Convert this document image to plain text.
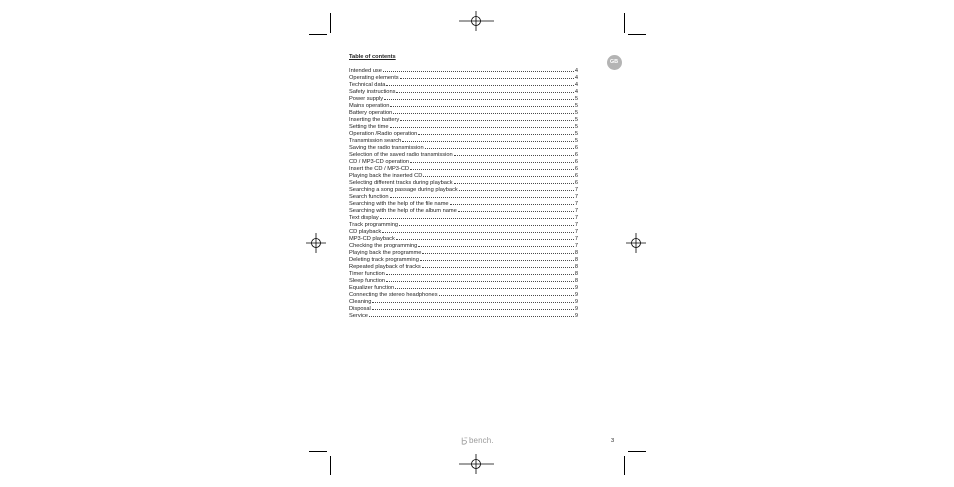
GB
Table of contents
Intended use	4
Operating elements	4
Technical data	4
Safety instructions	4
Power supply	5
Mains operation	5
Battery operation	5
Inserting the battery	5
Setting the time	5
Operation /Radio operation	5
Transmission search	5
Saving the radio transmission	6
Selection of the saved radio transmission	6
CD / MP3-CD operation	6
Insert the CD / MP3-CD	6
Playing back the inserted CD	6
Selecting different tracks during playback	6
Searching a song passage during playback	7
Search function	7
Searching with the help of the file name	7
Searching with the help of the album name	7
Text display	7
Track programming	7
CD playback	7
MP3-CD playback	7
Checking the programming	7
Playing back the programme	8
Deleting track programming	8
Repeated playback of tracks	8
Timer function	8
Sleep function	8
Equalizer function	9
Connecting the stereo headphones	9
Cleaning	9
Disposal	9
Service	9
bench.	3
